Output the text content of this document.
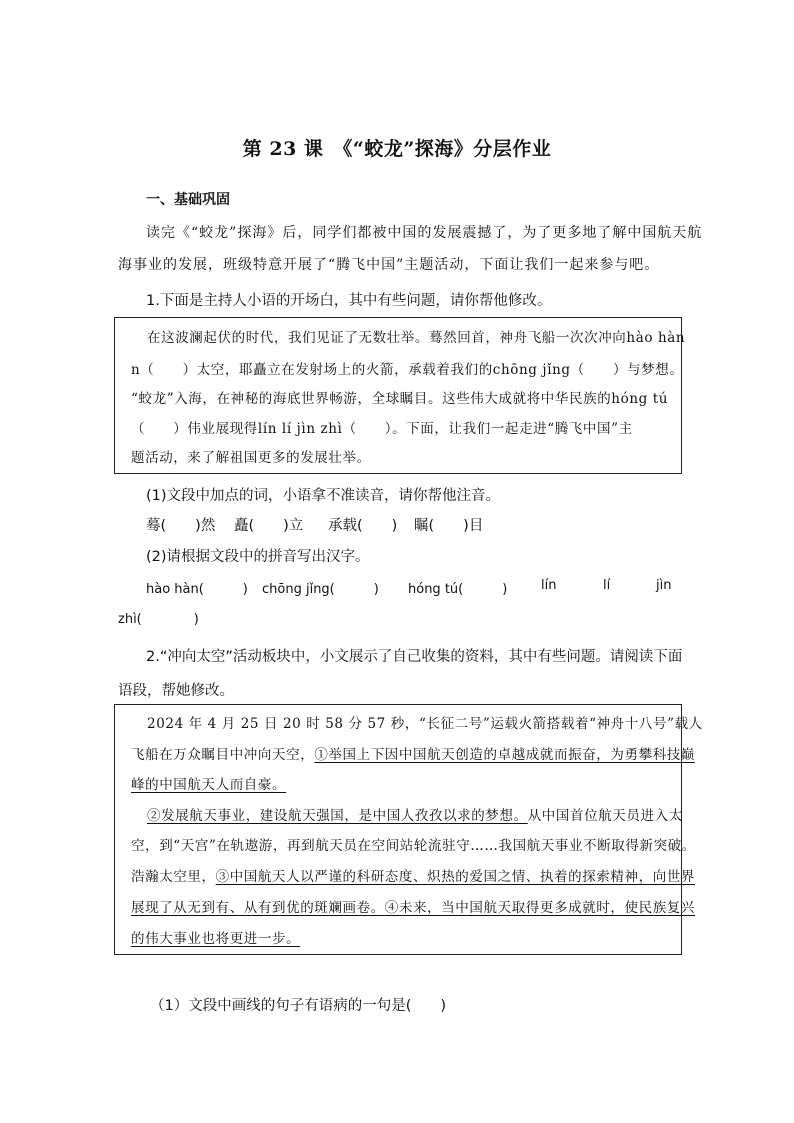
第 23 课　《“蛟龙”探海》分层作业
一、基础巩固
读完《“蛟龙”探海》后，同学们都被中国的发展震撼了，为了更多地了解中国航天航
海事业的发展，班级特意开展了“腾飞中国”主题活动，下面让我们一起来参与吧。
1.下面是主持人小语的开场白，其中有些问题，请你帮他修改。
在这波澜起伏的时代，我们见证了无数壮举。蓦然回首，神舟飞船一次次冲向hào hàn
n（　　）太空，耶矗立在发射场上的火箭，承载着我们的chōng jǐng（　　）与梦想。
“蛟龙”入海，在神秘的海底世界畅游，全球瞩目。这些伟大成就将中华民族的hóng tú
（　　）伟业展现得lín lí jìn zhì（　　）。下面，让我们一起走进“腾飞中国”主
题活动，来了解祖国更多的发展壮举。
(1)文段中加点的词，小语拿不准读音，请你帮他注音。
蓦(　　)然 矗(　　)立 承载(　　) 瞩(　　)目
(2)请根据文段中的拼音写出汉字。
hào hàn(　　　) chōng jǐng(　　　) hóng tú(　　　)	lín	lí	jìn
zhì(　　　　)
2.“冲向太空”活动板块中，小文展示了自己收集的资料，其中有些问题。请阅读下面
语段，帮她修改。
2024 年 4 月 25 日 20 时 58 分 57 秒，“长征二号”运载火箭搭载着“神舟十八号”载人
飞船在万众瞩目中冲向天空，①举国上下因中国航天创造的卓越成就而振奋，为勇攀科技巅
峰的中国航天人而自豪。
②发展航天事业，建设航天强国，是中国人孜孜以求的梦想。从中国首位航天员进入太
空，到“天宫”在轨遨游，再到航天员在空间站轮流驻守……我国航天事业不断取得新突破。
浩瀚太空里，③中国航天人以严谨的科研态度、炽热的爱国之情、执着的探索精神，向世界
展现了从无到有、从有到优的斑斓画卷。④未来，当中国航天取得更多成就时，使民族复兴
的伟大事业也将更进一步。
（1）文段中画线的句子有语病的一句是(　　)
